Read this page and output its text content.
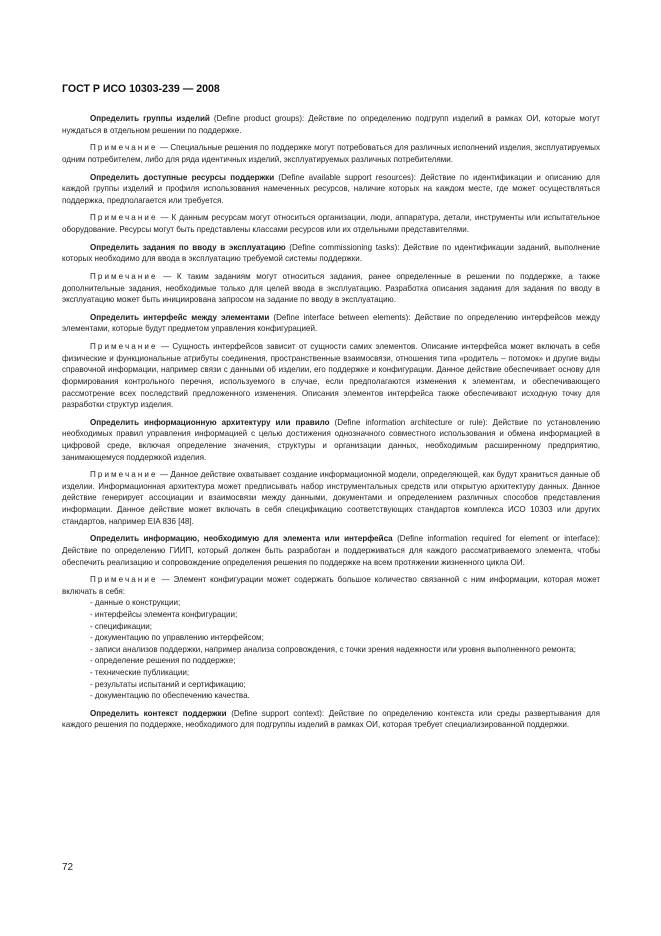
ГОСТ Р ИСО 10303-239 — 2008

Определить группы изделий (Define product groups): Действие по определению подгрупп изделий в рамках ОИ, которые могут нуждаться в отдельном решении по поддержке.

Примечание — Специальные решения по поддержке могут потребоваться для различных исполнений изделия, эксплуатируемых одним потребителем, либо для ряда идентичных изделий, эксплуатируемых различных потребителями.

Определить доступные ресурсы поддержки (Define available support resources): Действие по идентификации и описанию для каждой группы изделий и профиля использования намеченных ресурсов, наличие которых на каждом месте, где может осуществляться поддержка, предполагается или требуется.

Примечание — К данным ресурсам могут относиться организации, люди, аппаратура, детали, инструменты или испытательное оборудование. Ресурсы могут быть представлены классами ресурсов или их отдельными представителями.

Определить задания по вводу в эксплуатацию (Define commissioning tasks): Действие по идентификации заданий, выполнение которых необходимо для ввода в эксплуатацию требуемой системы поддержки.

Примечание — К таким заданиям могут относиться задания, ранее определенные в решении по поддержке, а также дополнительные задания, необходимые только для целей ввода в эксплуатацию. Разработка описания задания для задания по вводу в эксплуатацию может быть инициирована запросом на задание по вводу в эксплуатацию.

Определить интерфейс между элементами (Define interface between elements): Действие по определению интерфейсов между элементами, которые будут предметом управления конфигурацией.

Примечание — Сущность интерфейсов зависит от сущности самих элементов. Описание интерфейса может включать в себя физические и функциональные атрибуты соединения, пространственные взаимосвязи, отношения типа «родитель – потомок» и другие виды справочной информации, например связи с данными об изделии, его поддержке и конфигурации. Данное действие обеспечивает основу для формирования контрольного перечня, используемого в случае, если предполагаются изменения к элементам, и обеспечивающего рассмотрение всех последствий предложенного изменения. Описания элементов интерфейса также обеспечивают исходную точку для разработки структур изделия.

Определить информационную архитектуру или правило (Define information architecture or rule): Действие по установлению необходимых правил управления информацией с целью достижения однозначного совместного использования и обмена информацией в цифровой среде, включая определение значения, структуры и организации данных, необходимым расширенному предприятию, занимающемуся поддержкой изделия.

Примечание — Данное действие охватывает создание информационной модели, определяющей, как будут храниться данные об изделии. Информационная архитектура может предписывать набор инструментальных средств или открытую архитектуру данных. Данное действие генерирует ассоциации и взаимосвязи между данными, документами и определением различных способов представления информации. Данное действие может включать в себя спецификацию соответствующих стандартов комплекса ИСО 10303 или других стандартов, например EIA 836 [48].

Определить информацию, необходимую для элемента или интерфейса (Define information required for element or interface): Действие по определению ГИИП, который должен быть разработан и поддерживаться для каждого рассматриваемого элемента, чтобы обеспечить реализацию и сопровождение определения решения по поддержке на всем протяжении жизненного цикла ОИ.

Примечание — Элемент конфигурации может содержать большое количество связанной с ним информации, которая может включать в себя:

- данные о конструкции;
- интерфейсы элемента конфигурации;
- спецификации;
- документацию по управлению интерфейсом;
- записи анализов поддержки, например анализа сопровождения, с точки зрения надежности или уровня выполненного ремонта;
- определение решения по поддержке;
- технические публикации;
- результаты испытаний и сертификацию;
- документацию по обеспечению качества.

Определить контекст поддержки (Define support context): Действие по определению контекста или среды развертывания для каждого решения по поддержке, необходимого для подгруппы изделий в рамках ОИ, которая требует специализированной поддержки.

72
